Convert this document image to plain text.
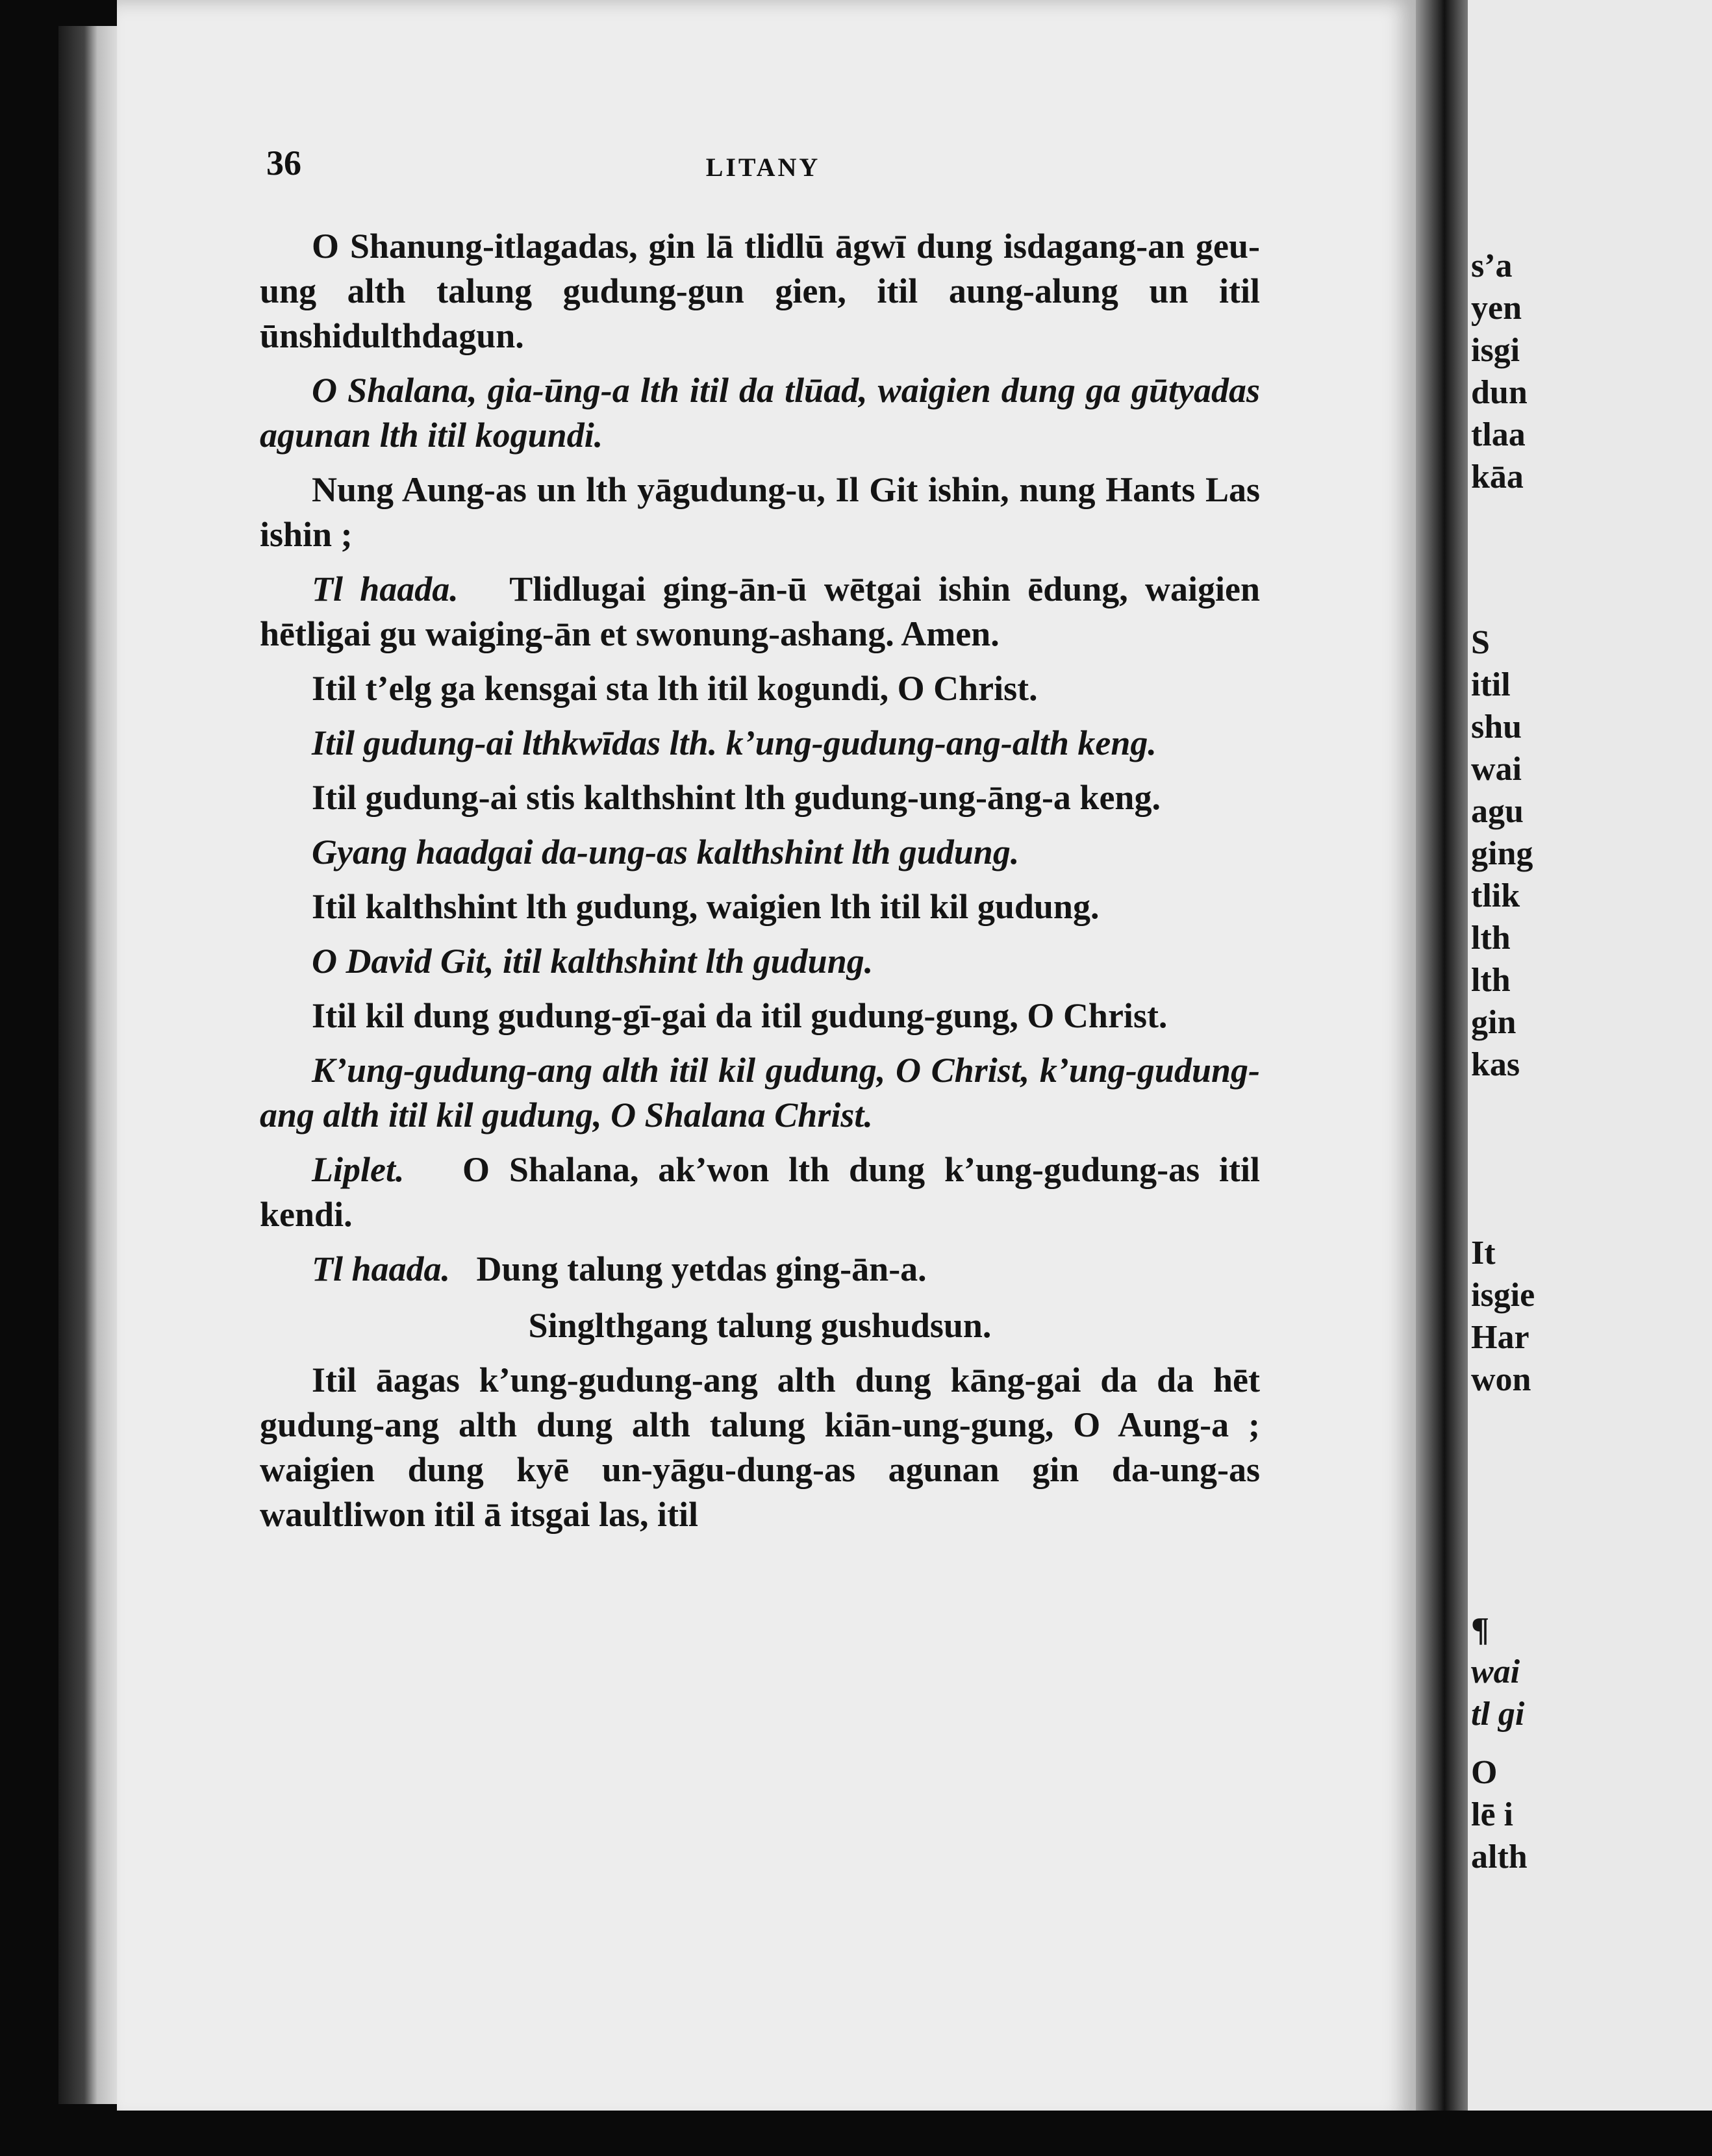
36	LITANY

O Shanung-itlagadas, gin lā tlidlū āgwī dung isdagang-an geu-ung alth talung gudung-gun gien, itil aung-alung un itil ūnshidulthdagun.

O Shalana, gia-ūng-a lth itil da tlūad, waigien dung ga gūtyadas agunan lth itil kogundi.

Nung Aung-as un lth yāgudung-u, Il Git ishin, nung Hants Las ishin ;

Tl haada. Tlidlugai ging-ān-ū wētgai ishin ēdung, waigien hētligai gu waiging-ān et swonung-ashang. Amen.

Itil t’elg ga kensgai sta lth itil kogundi, O Christ.

Itil gudung-ai lthkwīdas lth. k’ung-gudung-ang-alth keng.

Itil gudung-ai stis kalthshint lth gudung-ung-āng-a keng.

Gyang haadgai da-ung-as kalthshint lth gudung.

Itil kalthshint lth gudung, waigien lth itil kil gudung.

O David Git, itil kalthshint lth gudung.

Itil kil dung gudung-gī-gai da itil gudung-gung, O Christ.

K’ung-gudung-ang alth itil kil gudung, O Christ, k’ung-gudung-ang alth itil kil gudung, O Shalana Christ.

Liplet. O Shalana, ak’won lth dung k’ung-gudung-as itil kendi.

Tl haada. Dung talung yetdas ging-ān-a.

Singlthgang talung gushudsun.

Itil āagas k’ung-gudung-ang alth dung kāng-gai da da hēt gudung-ang alth dung alth talung kiān-ung-gung, O Aung-a ; waigien dung kyē un-yāgu-dung-as agunan gin da-ung-as waultliwon itil ā itsgai las, itil

s’a
yen
isgi
dun
tlaa
kāa
S
itil
shu
wai
agu
ging
tlik
lth
lth
gin
kas
It
isgie
Har
won
¶
wai
tl gi
O
lē i
alth
